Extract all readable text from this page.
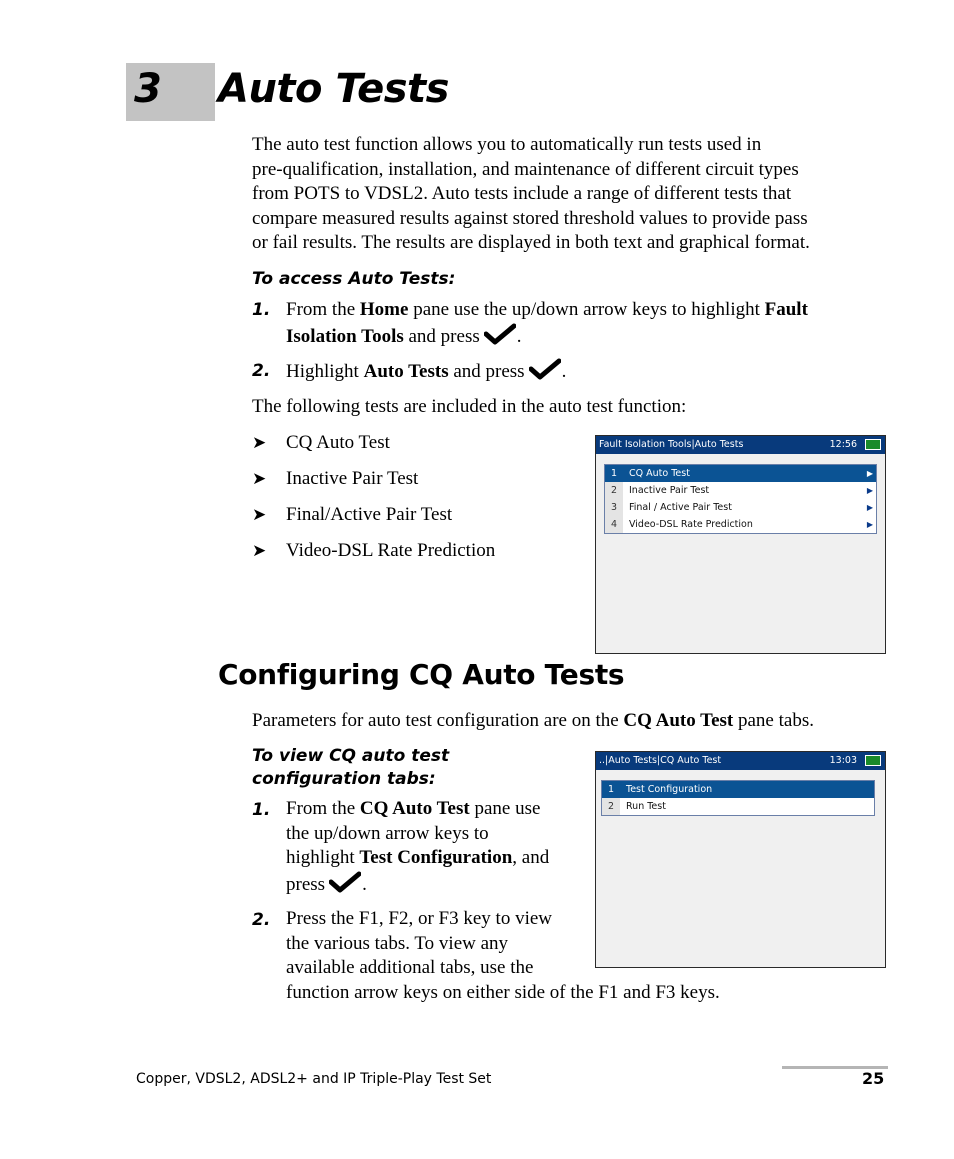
3 Auto Tests
The auto test function allows you to automatically run tests used in
pre-qualification, installation, and maintenance of different circuit types
from POTS to VDSL2. Auto tests include a range of different tests that
compare measured results against stored threshold values to provide pass
or fail results. The results are displayed in both text and graphical format.
To access Auto Tests:
1. From the Home pane use the up/down arrow keys to highlight Fault
Isolation Tools and press .
2. Highlight Auto Tests and press .
The following tests are included in the auto test function:
➤ CQ Auto Test
➤ Inactive Pair Test
➤ Final/Active Pair Test
➤ Video-DSL Rate Prediction
Fault Isolation Tools|Auto Tests	12:56
1	CQ Auto Test	▶
2	Inactive Pair Test	▶
3	Final / Active Pair Test	▶
4	Video-DSL Rate Prediction	▶
Configuring CQ Auto Tests
Parameters for auto test configuration are on the CQ Auto Test pane tabs.
To view CQ auto test
configuration tabs:
1. From the CQ Auto Test pane use
the up/down arrow keys to
highlight Test Configuration, and
press .
2. Press the F1, F2, or F3 key to view
the various tabs. To view any
available additional tabs, use the
function arrow keys on either side of the F1 and F3 keys.
..|Auto Tests|CQ Auto Test	13:03
1	Test Configuration
2	Run Test
Copper, VDSL2, ADSL2+ and IP Triple-Play Test Set	25
